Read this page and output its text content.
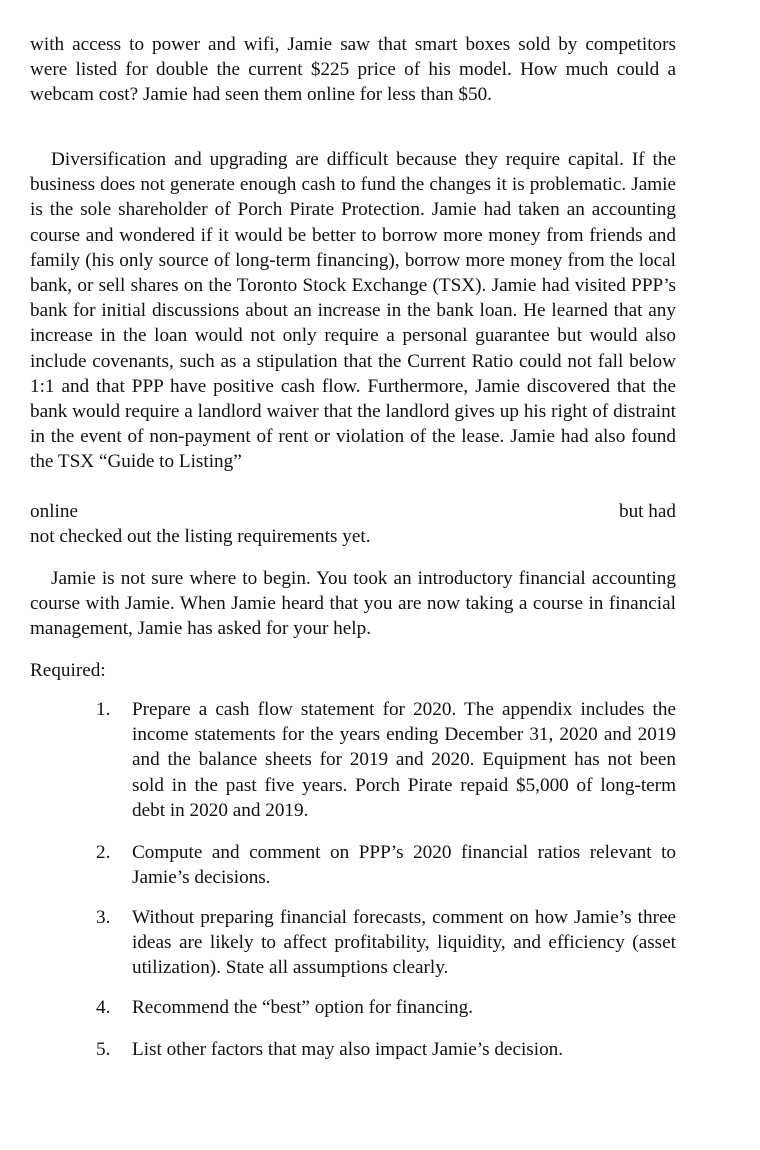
with access to power and wifi, Jamie saw that smart boxes sold by competitors were listed for double the current $225 price of his model. How much could a webcam cost? Jamie had seen them online for less than $50.

Diversification and upgrading are difficult because they require capital. If the business does not generate enough cash to fund the changes it is problematic. Jamie is the sole shareholder of Porch Pirate Protection. Jamie had taken an accounting course and wondered if it would be better to borrow more money from friends and family (his only source of long-term financing), borrow more money from the local bank, or sell shares on the Toronto Stock Exchange (TSX). Jamie had visited PPP’s bank for initial discussions about an increase in the bank loan. He learned that any increase in the loan would not only require a personal guarantee but would also include covenants, such as a stipulation that the Current Ratio could not fall below 1:1 and that PPP have positive cash flow. Furthermore, Jamie discovered that the bank would require a landlord waiver that the landlord gives up his right of distraint in the event of non-payment of rent or violation of the lease. Jamie had also found the TSX “Guide to Listing”

online	but had

not checked out the listing requirements yet.

Jamie is not sure where to begin. You took an introductory financial accounting course with Jamie. When Jamie heard that you are now taking a course in financial management, Jamie has asked for your help.

Required:

1.	Prepare a cash flow statement for 2020. The appendix includes the income statements for the years ending December 31, 2020 and 2019 and the balance sheets for 2019 and 2020. Equipment has not been sold in the past five years. Porch Pirate repaid $5,000 of long-term debt in 2020 and 2019.
2.	Compute and comment on PPP’s 2020 financial ratios relevant to Jamie’s decisions.
3.	Without preparing financial forecasts, comment on how Jamie’s three ideas are likely to affect profitability, liquidity, and efficiency (asset utilization). State all assumptions clearly.
4.	Recommend the “best” option for financing.
5.	List other factors that may also impact Jamie’s decision.
